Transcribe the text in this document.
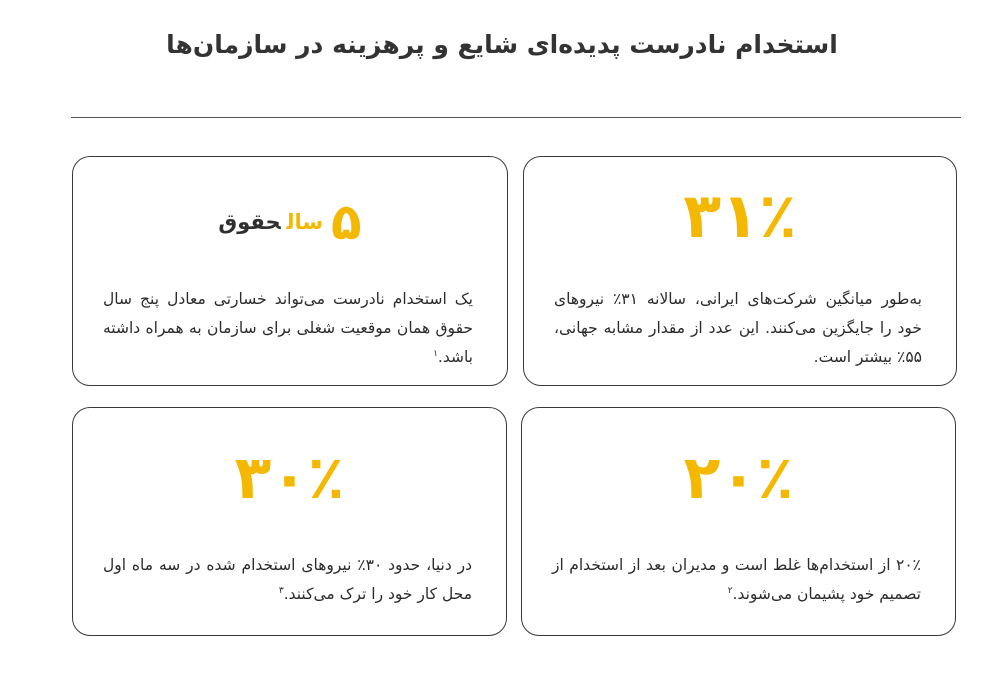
استخدام نادرست پدیده‌ای شایع و پرهزینه در سازمان‌ها
۳۱٪

به‌طور میانگین شرکت‌های ایرانی، سالانه ۳۱٪ نیروهای خود را جایگزین می‌کنند. این عدد از مقدار مشابه جهانی، ۵۵٪ بیشتر است.

۵سالحقوق

یک استخدام نادرست می‌تواند خسارتی معادل پنج سال حقوق همان موقعیت شغلی برای سازمان به همراه داشته باشد.$^۱$

۲۰٪

۲۰٪ از استخدام‌ها غلط است و مدیران بعد از استخدام از تصمیم خود پشیمان می‌شوند.$^۲$

۳۰٪

در دنیا، حدود ۳۰٪ نیروهای استخدام شده در سه ماه اول محل کار خود را ترک می‌کنند.$^۳$
